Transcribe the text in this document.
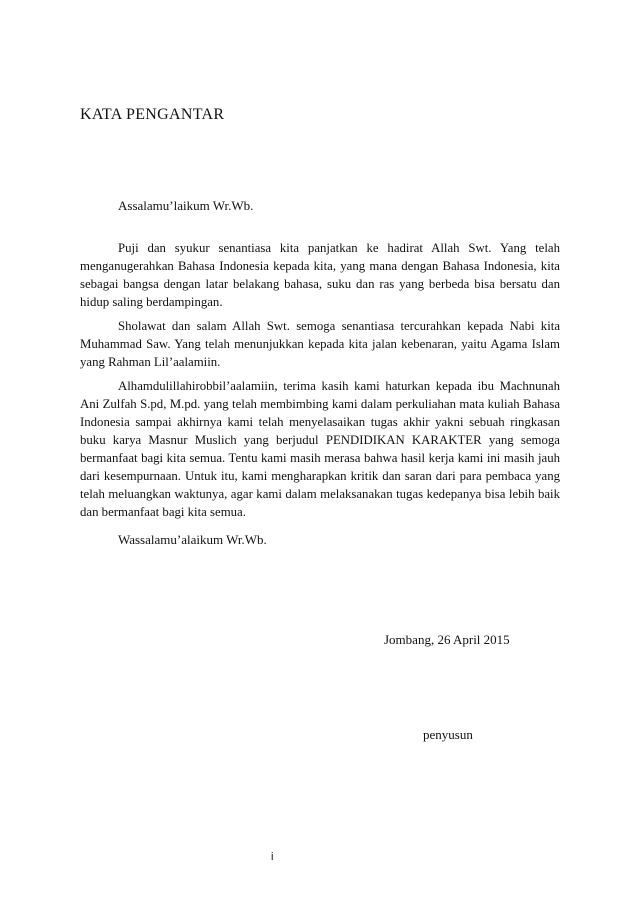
KATA PENGANTAR
Assalamu’laikum Wr.Wb.

Puji dan syukur senantiasa kita panjatkan ke hadirat Allah Swt. Yang telah menganugerahkan Bahasa Indonesia kepada kita, yang mana dengan Bahasa Indonesia, kita sebagai bangsa dengan latar belakang bahasa, suku dan ras yang berbeda bisa bersatu dan hidup saling berdampingan.

Sholawat dan salam Allah Swt. semoga senantiasa tercurahkan kepada Nabi kita Muhammad Saw. Yang telah menunjukkan kepada kita jalan kebenaran, yaitu Agama Islam yang Rahman Lil’aalamiin.

Alhamdulillahirobbil’aalamiin, terima kasih kami haturkan kepada ibu Machnunah Ani Zulfah S.pd, M.pd. yang telah membimbing kami dalam perkuliahan mata kuliah Bahasa Indonesia sampai akhirnya kami telah menyelasaikan tugas akhir yakni sebuah ringkasan buku karya Masnur Muslich yang berjudul PENDIDIKAN KARAKTER yang semoga bermanfaat bagi kita semua. Tentu kami masih merasa bahwa hasil kerja kami ini masih jauh dari kesempurnaan. Untuk itu, kami mengharapkan kritik dan saran dari para pembaca yang telah meluangkan waktunya, agar kami dalam melaksanakan tugas kedepanya bisa lebih baik dan bermanfaat bagi kita semua.

Wassalamu’alaikum Wr.Wb.
Jombang, 26 April 2015
penyusun
i
